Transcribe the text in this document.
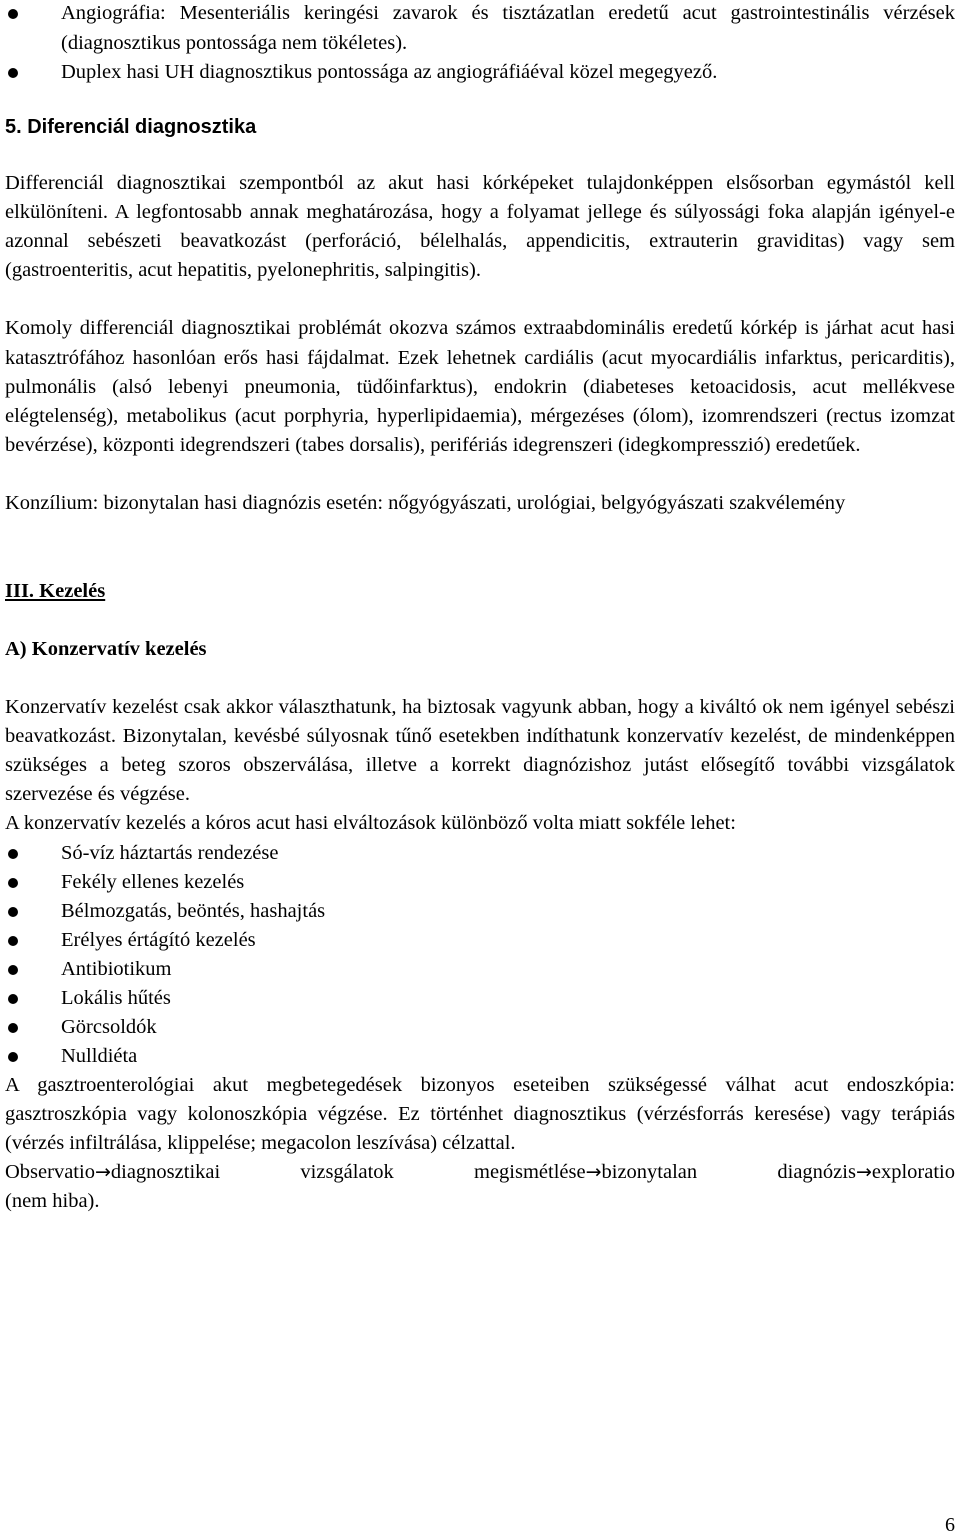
Angiográfia: Mesenteriális keringési zavarok és tisztázatlan eredetű acut gastrointestinális vérzések (diagnosztikus pontossága nem tökéletes).
Duplex hasi UH diagnosztikus pontossága az angiográfiáéval közel megegyező.
5. Diferenciál diagnosztika

Differenciál diagnosztikai szempontból az akut hasi kórképeket tulajdonképpen elsősorban egymástól kell elkülöníteni. A legfontosabb annak meghatározása, hogy a folyamat jellege és súlyossági foka alapján igényel-e azonnal sebészeti beavatkozást (perforáció, bélelhalás, appendicitis, extrauterin graviditas) vagy sem (gastroenteritis, acut hepatitis, pyelonephritis, salpingitis).

Komoly differenciál diagnosztikai problémát okozva számos extraabdominális eredetű kórkép is járhat acut hasi katasztrófához hasonlóan erős hasi fájdalmat. Ezek lehetnek cardiális (acut myocardiális infarktus, pericarditis), pulmonális (alsó lebenyi pneumonia, tüdőinfarktus), endokrin (diabeteses ketoacidosis, acut mellékvese elégtelenség), metabolikus (acut porphyria, hyperlipidaemia), mérgezéses (ólom), izomrendszeri (rectus izomzat bevérzése), központi idegrendszeri (tabes dorsalis), perifériás idegrenszeri (idegkompresszió) eredetűek.

Konzílium: bizonytalan hasi diagnózis esetén: nőgyógyászati, urológiai, belgyógyászati szakvélemény

III. Kezelés
A) Konzervatív kezelés

Konzervatív kezelést csak akkor választhatunk, ha biztosak vagyunk abban, hogy a kiváltó ok nem igényel sebészi beavatkozást. Bizonytalan, kevésbé súlyosnak tűnő esetekben indíthatunk konzervatív kezelést, de mindenképpen szükséges a beteg szoros obszerválása, illetve a korrekt diagnózishoz jutást elősegítő további vizsgálatok szervezése és végzése.

A konzervatív kezelés a kóros acut hasi elváltozások különböző volta miatt sokféle lehet:

Só-víz háztartás rendezése
Fekély ellenes kezelés
Bélmozgatás, beöntés, hashajtás
Erélyes értágító kezelés
Antibiotikum
Lokális hűtés
Görcsoldók
Nulldiéta

A gasztroenterológiai akut megbetegedések bizonyos eseteiben szükségessé válhat acut endoszkópia: gasztroszkópia vagy kolonoszkópia végzése. Ez történhet diagnosztikus (vérzésforrás keresése) vagy terápiás (vérzés infiltrálása, klippelése; megacolon leszívása) célzattal.

Observatio→diagnosztikai	vizsgálatok	megismétlése→bizonytalan	diagnózis→exploratio

(nem hiba).

6
